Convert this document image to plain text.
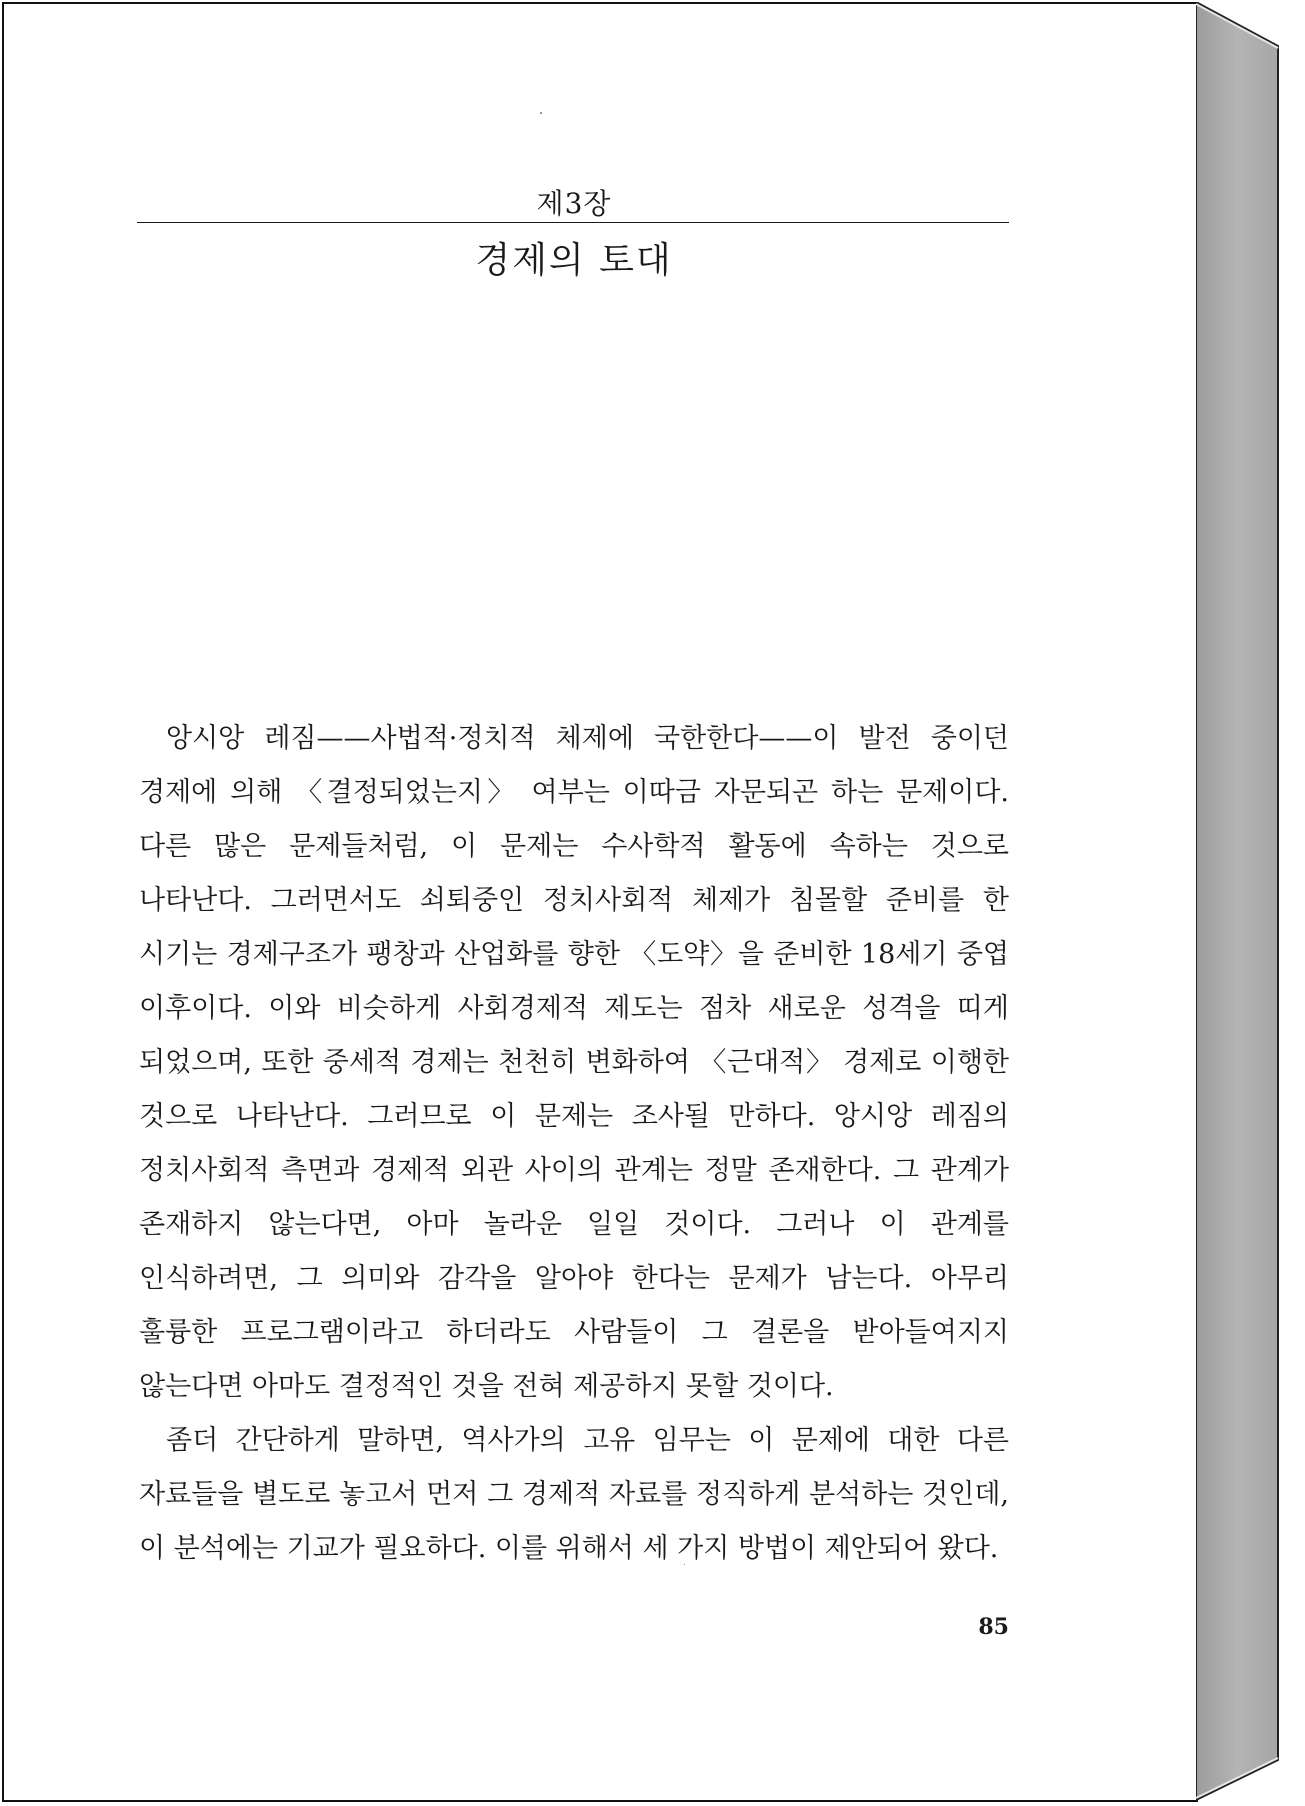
제3장
경제의 토대

앙시앙 레짐——사법적·정치적 체제에 국한한다——이 발전 중이던 경제에 의해 〈결정되었는지〉 여부는 이따금 자문되곤 하는 문제이다. 다른 많은 문제들처럼, 이 문제는 수사학적 활동에 속하는 것으로 나타난다. 그러면서도 쇠퇴중인 정치사회적 체제가 침몰할 준비를 한 시기는 경제구조가 팽창과 산업화를 향한 〈도약〉을 준비한 18세기 중엽 이후이다. 이와 비슷하게 사회경제적 제도는 점차 새로운 성격을 띠게 되었으며, 또한 중세적 경제는 천천히 변화하여 〈근대적〉 경제로 이행한 것으로 나타난다. 그러므로 이 문제는 조사될 만하다. 앙시앙 레짐의 정치사회적 측면과 경제적 외관 사이의 관계는 정말 존재한다. 그 관계가 존재하지 않는다면, 아마 놀라운 일일 것이다. 그러나 이 관계를 인식하려면, 그 의미와 감각을 알아야 한다는 문제가 남는다. 아무리 훌륭한 프로그램이라고 하더라도 사람들이 그 결론을 받아들여지지 않는다면 아마도 결정적인 것을 전혀 제공하지 못할 것이다.

좀더 간단하게 말하면, 역사가의 고유 임무는 이 문제에 대한 다른 자료들을 별도로 놓고서 먼저 그 경제적 자료를 정직하게 분석하는 것인데, 이 분석에는 기교가 필요하다. 이를 위해서 세 가지 방법이 제안되어 왔다.

85
